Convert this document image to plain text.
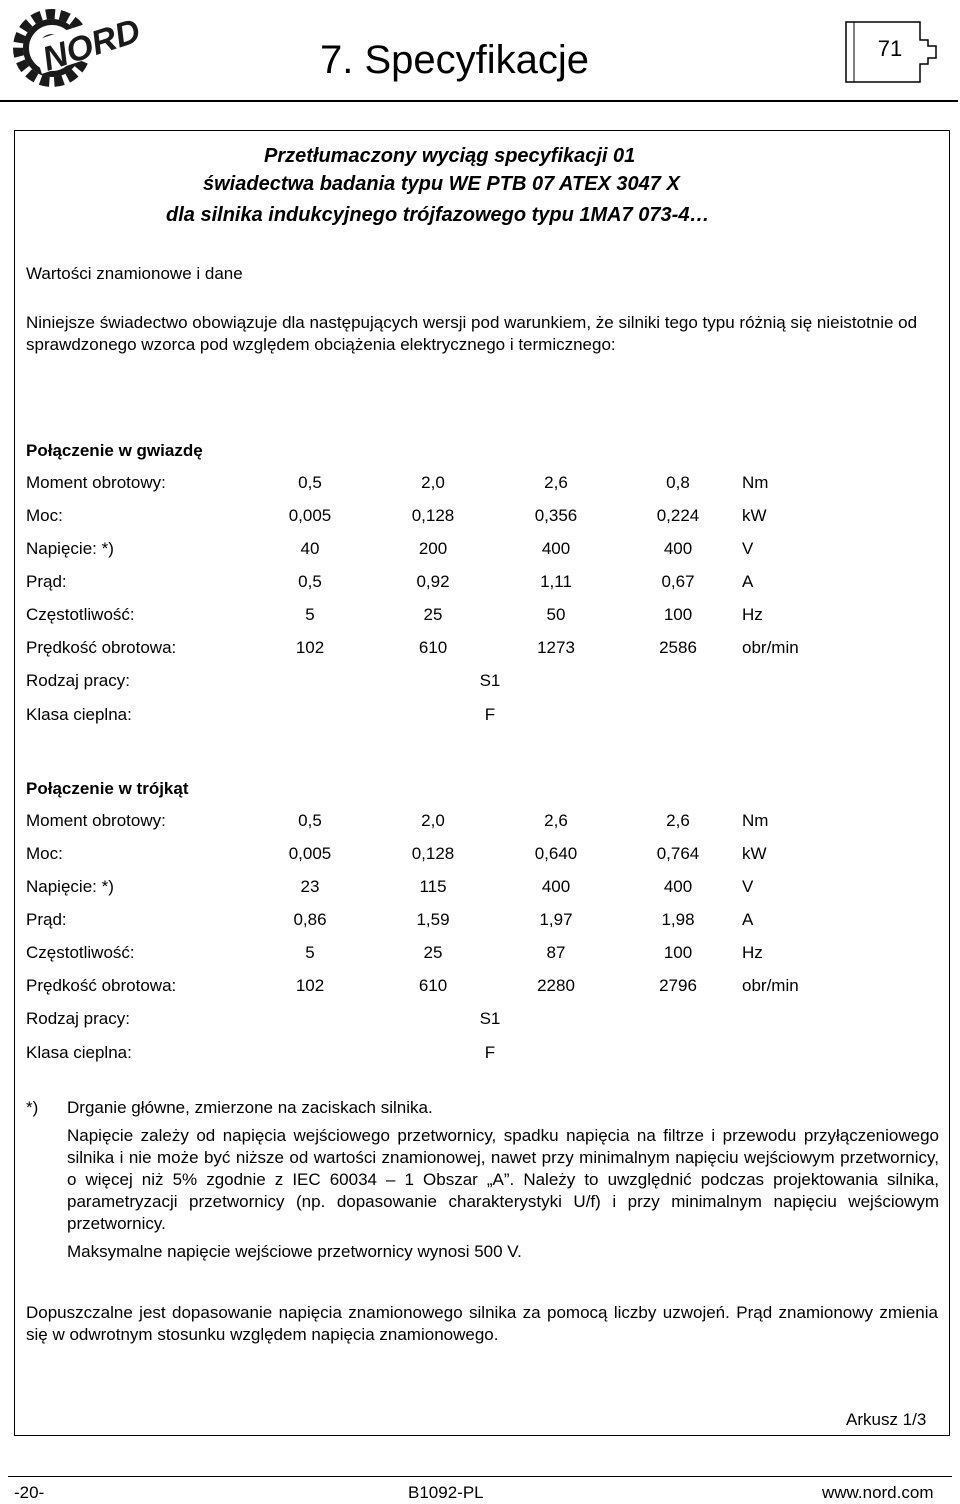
NORD	7. Specyfikacje	71
Przetłumaczony wyciąg specyfikacji 01
świadectwa badania typu WE PTB 07 ATEX 3047 X
dla silnika indukcyjnego trójfazowego typu 1MA7 073-4…
Wartości znamionowe i dane
Niniejsze świadectwo obowiązuje dla następujących wersji pod warunkiem, że silniki tego typu różnią się nieistotnie od sprawdzonego wzorca pod względem obciążenia elektrycznego i termicznego:
Połączenie w gwiazdę
Moment obrotowy:	0,5	2,0	2,6	0,8	Nm
Moc:	0,005	0,128	0,356	0,224	kW
Napięcie: *)	40	200	400	400	V
Prąd:	0,5	0,92	1,11	0,67	A
Częstotliwość:	5	25	50	100	Hz
Prędkość obrotowa:	102	610	1273	2586	obr/min
Rodzaj pracy:	S1
Klasa cieplna:	F
Połączenie w trójkąt
Moment obrotowy:	0,5	2,0	2,6	2,6	Nm
Moc:	0,005	0,128	0,640	0,764	kW
Napięcie: *)	23	115	400	400	V
Prąd:	0,86	1,59	1,97	1,98	A
Częstotliwość:	5	25	87	100	Hz
Prędkość obrotowa:	102	610	2280	2796	obr/min
Rodzaj pracy:	S1
Klasa cieplna:	F
*) Drganie główne, zmierzone na zaciskach silnika.

Napięcie zależy od napięcia wejściowego przetwornicy, spadku napięcia na filtrze i przewodu przyłączeniowego silnika i nie może być niższe od wartości znamionowej, nawet przy minimalnym napięciu wejściowym przetwornicy, o więcej niż 5% zgodnie z IEC 60034 – 1 Obszar „A”. Należy to uwzględnić podczas projektowania silnika, parametryzacji przetwornicy (np. dopasowanie charakterystyki U/f) i przy minimalnym napięciu wejściowym przetwornicy.

Maksymalne napięcie wejściowe przetwornicy wynosi 500 V.

Dopuszczalne jest dopasowanie napięcia znamionowego silnika za pomocą liczby uzwojeń. Prąd znamionowy zmienia się w odwrotnym stosunku względem napięcia znamionowego.
Arkusz 1/3
-20-	B1092-PL	www.nord.com
